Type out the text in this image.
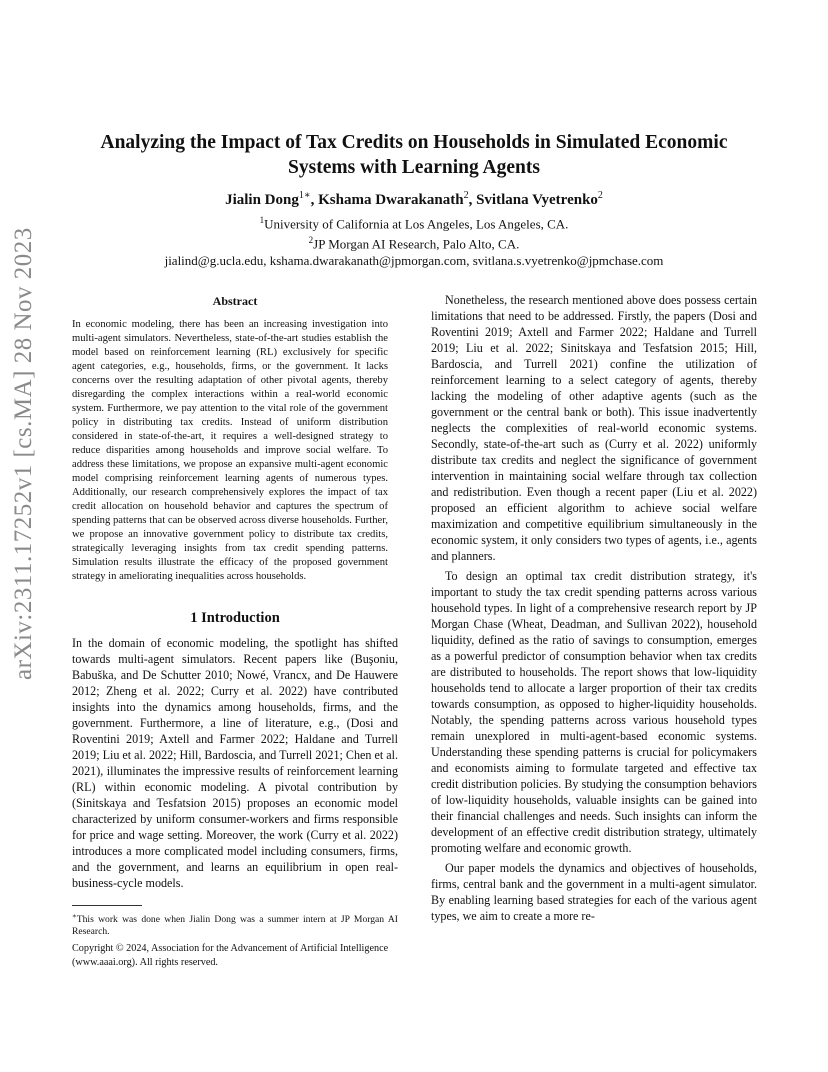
arXiv:2311.17252v1 [cs.MA] 28 Nov 2023
Analyzing the Impact of Tax Credits on Households in Simulated Economic Systems with Learning Agents
Jialin Dong$^{1∗}$, Kshama Dwarakanath$^2$, Svitlana Vyetrenko$^2$
$^1$University of California at Los Angeles, Los Angeles, CA.
$^2$JP Morgan AI Research, Palo Alto, CA.
jialind@g.ucla.edu, kshama.dwarakanath@jpmorgan.com, svitlana.s.vyetrenko@jpmchase.com
Abstract

In economic modeling, there has been an increasing investigation into multi-agent simulators. Nevertheless, state-of-the-art studies establish the model based on reinforcement learning (RL) exclusively for specific agent categories, e.g., households, firms, or the government. It lacks concerns over the resulting adaptation of other pivotal agents, thereby disregarding the complex interactions within a real-world economic system. Furthermore, we pay attention to the vital role of the government policy in distributing tax credits. Instead of uniform distribution considered in state-of-the-art, it requires a well-designed strategy to reduce disparities among households and improve social welfare. To address these limitations, we propose an expansive multi-agent economic model comprising reinforcement learning agents of numerous types. Additionally, our research comprehensively explores the impact of tax credit allocation on household behavior and captures the spectrum of spending patterns that can be observed across diverse households. Further, we propose an innovative government policy to distribute tax credits, strategically leveraging insights from tax credit spending patterns. Simulation results illustrate the efficacy of the proposed government strategy in ameliorating inequalities across households.

1 Introduction

In the domain of economic modeling, the spotlight has shifted towards multi-agent simulators. Recent papers like (Buşoniu, Babuška, and De Schutter 2010; Nowé, Vrancx, and De Hauwere 2012; Zheng et al. 2022; Curry et al. 2022) have contributed insights into the dynamics among households, firms, and the government. Furthermore, a line of literature, e.g., (Dosi and Roventini 2019; Axtell and Farmer 2022; Haldane and Turrell 2019; Liu et al. 2022; Hill, Bardoscia, and Turrell 2021; Chen et al. 2021), illuminates the impressive results of reinforcement learning (RL) within economic modeling. A pivotal contribution by (Sinitskaya and Tesfatsion 2015) proposes an economic model characterized by uniform consumer-workers and firms responsible for price and wage setting. Moreover, the work (Curry et al. 2022) introduces a more complicated model including consumers, firms, and the government, and learns an equilibrium in open real-business-cycle models.

∗This work was done when Jialin Dong was a summer intern at JP Morgan AI Research.

Copyright © 2024, Association for the Advancement of Artificial Intelligence (www.aaai.org). All rights reserved.

Nonetheless, the research mentioned above does possess certain limitations that need to be addressed. Firstly, the papers (Dosi and Roventini 2019; Axtell and Farmer 2022; Haldane and Turrell 2019; Liu et al. 2022; Sinitskaya and Tesfatsion 2015; Hill, Bardoscia, and Turrell 2021) confine the utilization of reinforcement learning to a select category of agents, thereby lacking the modeling of other adaptive agents (such as the government or the central bank or both). This issue inadvertently neglects the complexities of real-world economic systems. Secondly, state-of-the-art such as (Curry et al. 2022) uniformly distribute tax credits and neglect the significance of government intervention in maintaining social welfare through tax collection and redistribution. Even though a recent paper (Liu et al. 2022) proposed an efficient algorithm to achieve social welfare maximization and competitive equilibrium simultaneously in the economic system, it only considers two types of agents, i.e., agents and planners.

To design an optimal tax credit distribution strategy, it's important to study the tax credit spending patterns across various household types. In light of a comprehensive research report by JP Morgan Chase (Wheat, Deadman, and Sullivan 2022), household liquidity, defined as the ratio of savings to consumption, emerges as a powerful predictor of consumption behavior when tax credits are distributed to households. The report shows that low-liquidity households tend to allocate a larger proportion of their tax credits towards consumption, as opposed to higher-liquidity households. Notably, the spending patterns across various household types remain unexplored in multi-agent-based economic systems. Understanding these spending patterns is crucial for policymakers and economists aiming to formulate targeted and effective tax credit distribution policies. By studying the consumption behaviors of low-liquidity households, valuable insights can be gained into their financial challenges and needs. Such insights can inform the development of an effective credit distribution strategy, ultimately promoting welfare and economic growth.

Our paper models the dynamics and objectives of households, firms, central bank and the government in a multi-agent simulator. By enabling learning based strategies for each of the various agent types, we aim to create a more re-
